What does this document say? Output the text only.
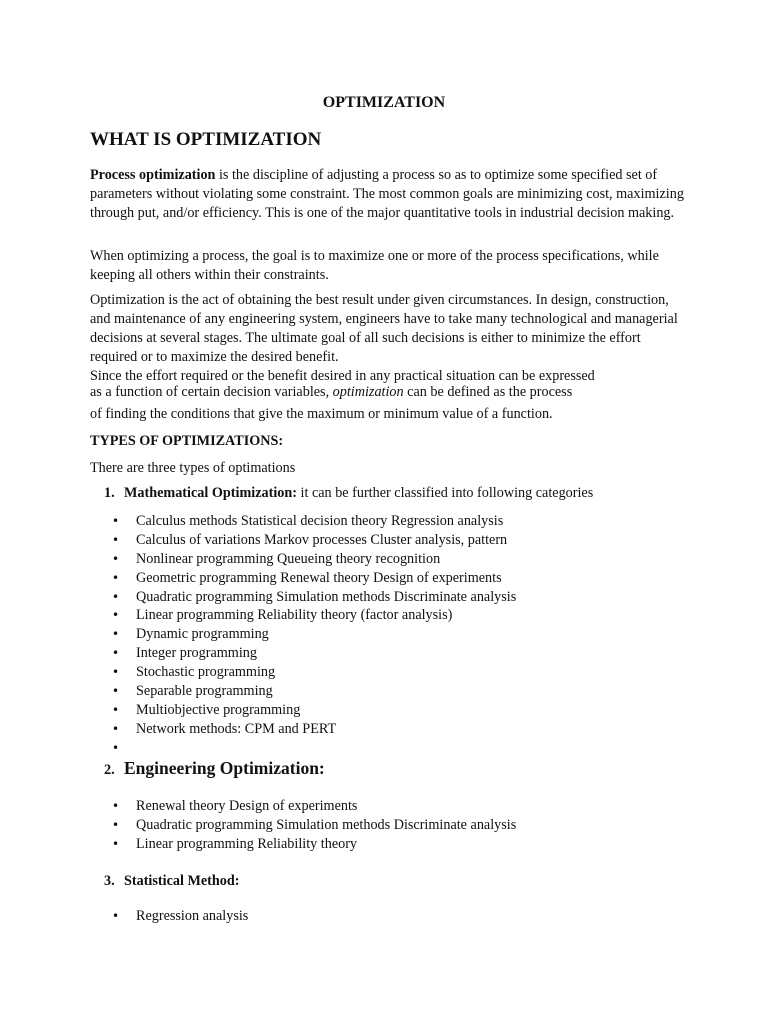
OPTIMIZATION
WHAT IS OPTIMIZATION
Process optimization is the discipline of adjusting a process so as to optimize some specified set of parameters without violating some constraint. The most common goals are minimizing cost, maximizing through put, and/or efficiency. This is one of the major quantitative tools in industrial decision making.
When optimizing a process, the goal is to maximize one or more of the process specifications, while keeping all others within their constraints.
Optimization is the act of obtaining the best result under given circumstances. In design, construction, and maintenance of any engineering system, engineers have to take many technological and managerial decisions at several stages. The ultimate goal of all such decisions is either to minimize the effort required or to maximize the desired benefit.
Since the effort required or the benefit desired in any practical situation can be expressed
as a function of certain decision variables, optimization can be defined as the process
of finding the conditions that give the maximum or minimum value of a function.
TYPES OF OPTIMIZATIONS:
There are three types of optimations
1. Mathematical Optimization: it can be further classified into following categories
• Calculus methods Statistical decision theory Regression analysis
• Calculus of variations Markov processes Cluster analysis, pattern
• Nonlinear programming Queueing theory recognition
• Geometric programming Renewal theory Design of experiments
• Quadratic programming Simulation methods Discriminate analysis
• Linear programming Reliability theory (factor analysis)
• Dynamic programming
• Integer programming
• Stochastic programming
• Separable programming
• Multiobjective programming
• Network methods: CPM and PERT
•
2. Engineering Optimization:
• Renewal theory Design of experiments
• Quadratic programming Simulation methods Discriminate analysis
• Linear programming Reliability theory
3. Statistical Method:
• Regression analysis
